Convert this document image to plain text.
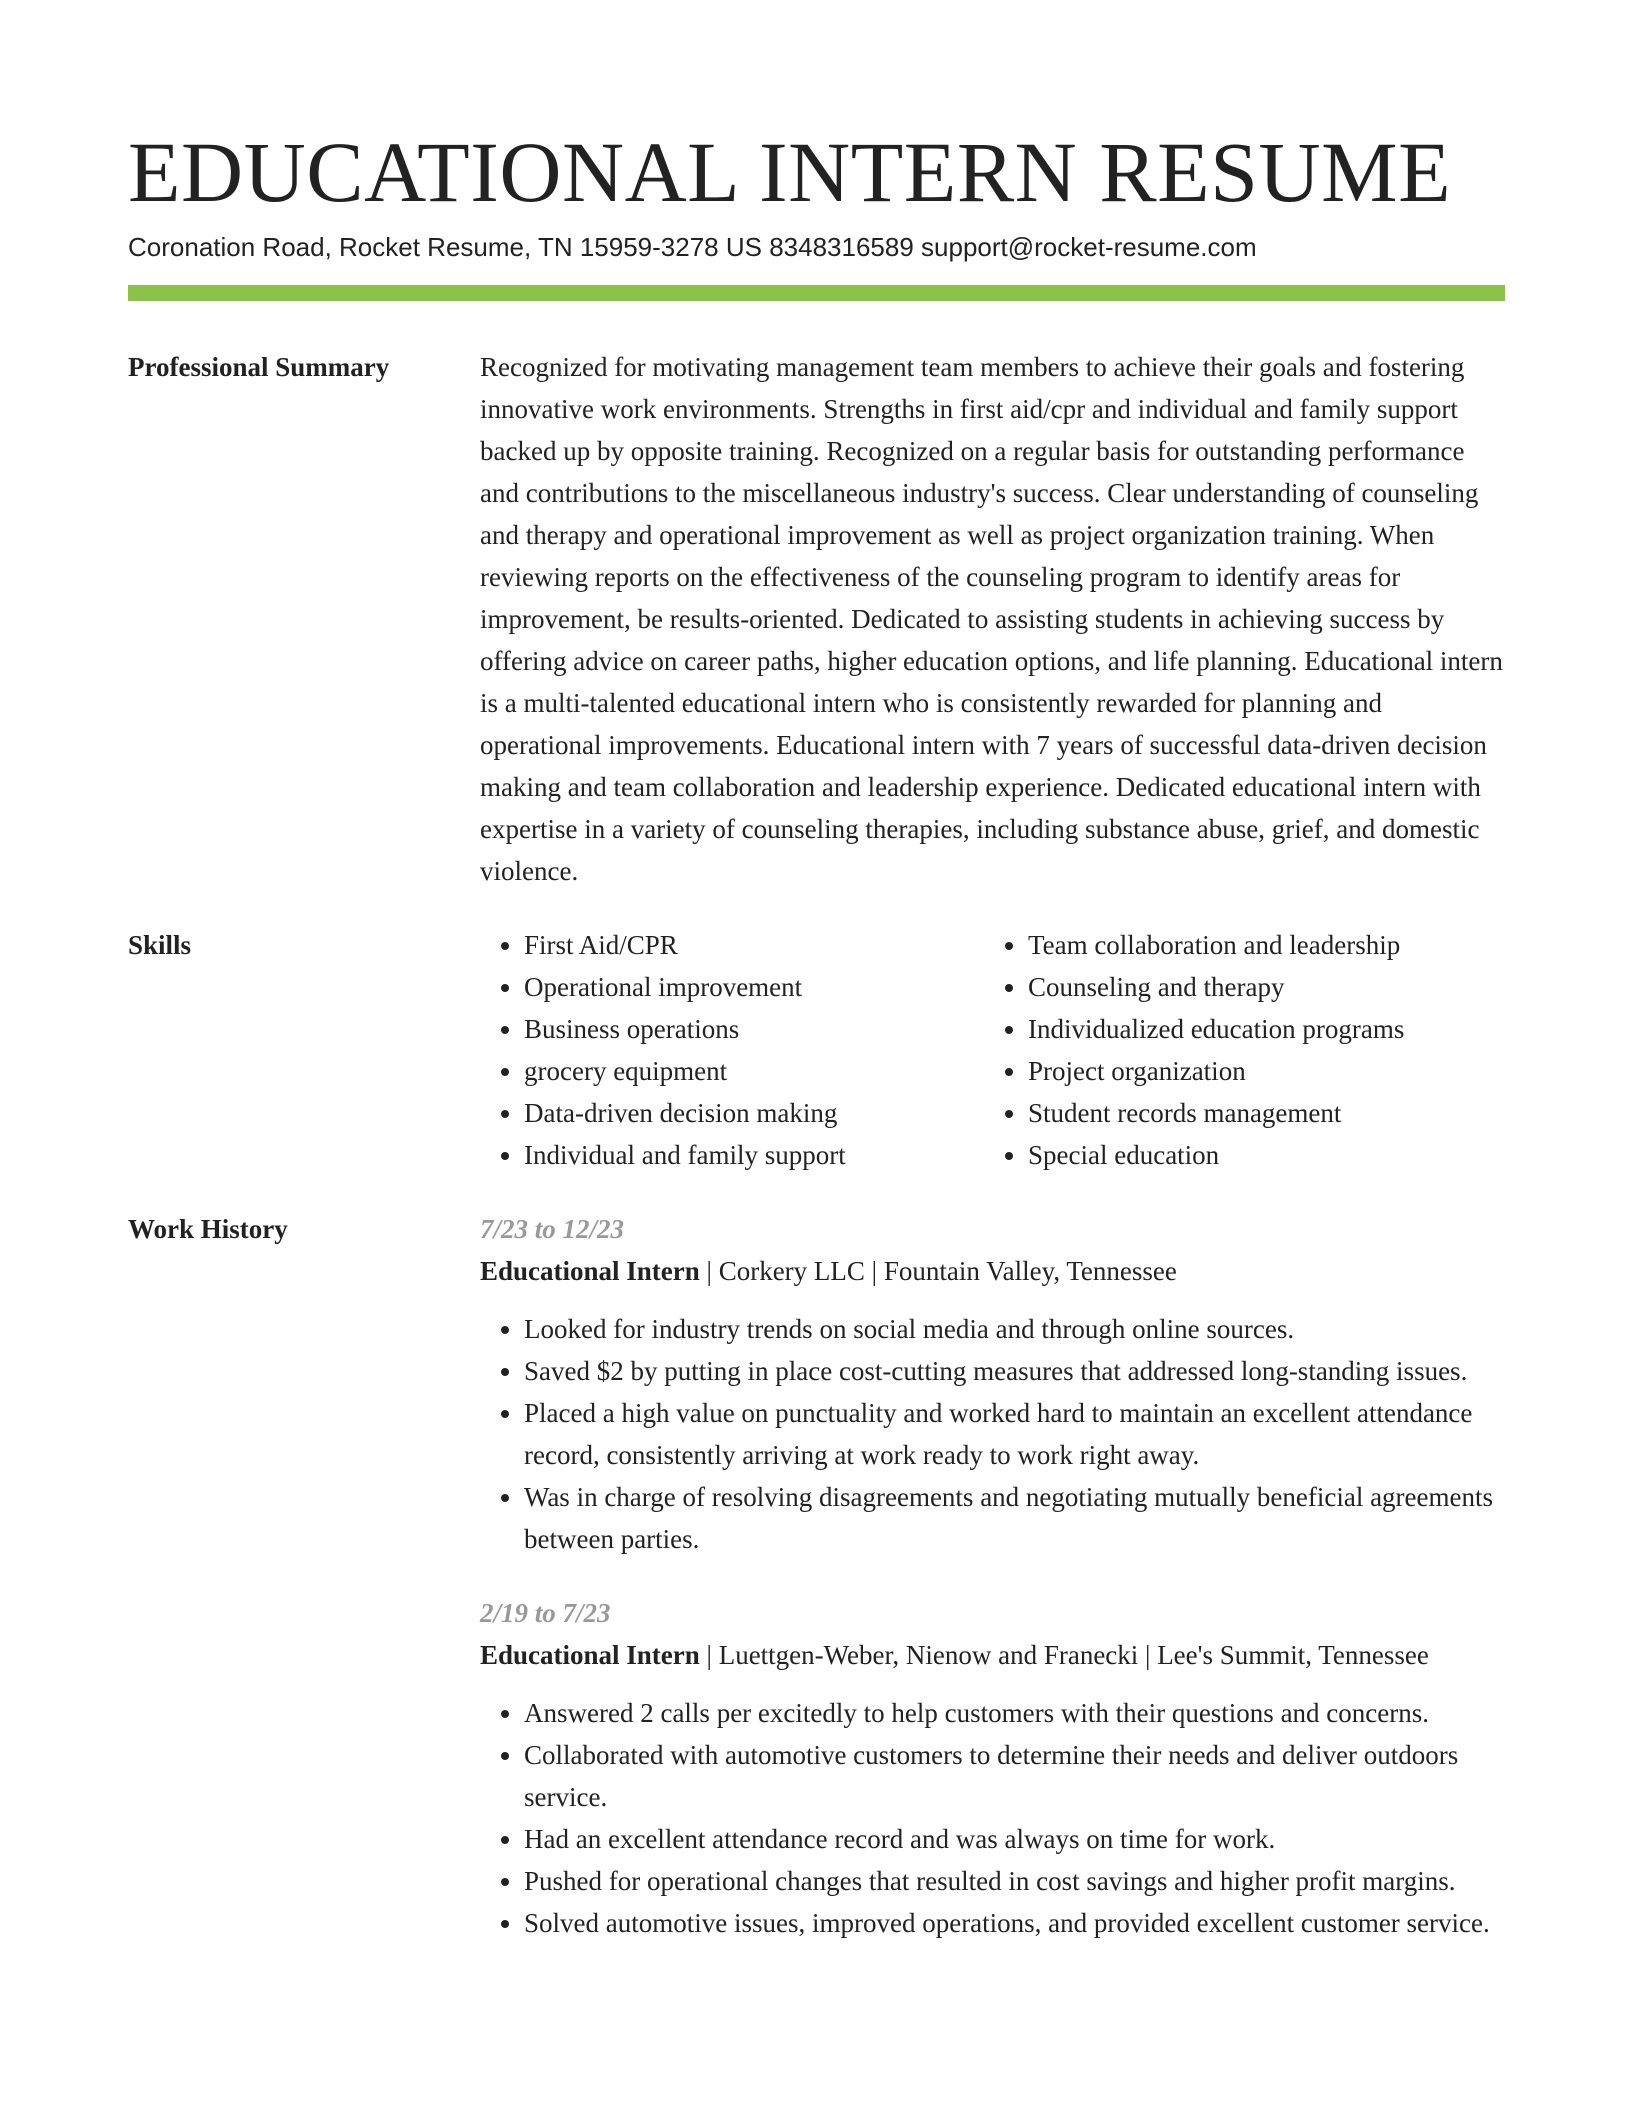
EDUCATIONAL INTERN RESUME
Coronation Road, Rocket Resume, TN 15959-3278 US 8348316589 support@rocket-resume.com
Professional Summary	Recognized for motivating management team members to achieve their goals and fostering innovative work environments. Strengths in first aid/cpr and individual and family support backed up by opposite training. Recognized on a regular basis for outstanding performance and contributions to the miscellaneous industry's success. Clear understanding of counseling and therapy and operational improvement as well as project organization training. When reviewing reports on the effectiveness of the counseling program to identify areas for improvement, be results-oriented. Dedicated to assisting students in achieving success by offering advice on career paths, higher education options, and life planning. Educational intern is a multi-talented educational intern who is consistently rewarded for planning and operational improvements. Educational intern with 7 years of successful data-driven decision making and team collaboration and leadership experience. Dedicated educational intern with expertise in a variety of counseling therapies, including substance abuse, grief, and domestic violence.

Skills
•	First Aid/CPR
• Operational improvement
• Business operations
• grocery equipment
• Data-driven decision making
• Individual and family support
• Team collaboration and leadership
• Counseling and therapy
• Individualized education programs
• Project organization
• Student records management
• Special education
Work History	7/23 to 12/23
Educational Intern | Corkery LLC | Fountain Valley, Tennessee
• Looked for industry trends on social media and through online sources.
• Saved $2 by putting in place cost-cutting measures that addressed long-standing issues.
• Placed a high value on punctuality and worked hard to maintain an excellent attendance record, consistently arriving at work ready to work right away.
• Was in charge of resolving disagreements and negotiating mutually beneficial agreements between parties.
2/19 to 7/23
Educational Intern | Luettgen-Weber, Nienow and Franecki | Lee's Summit, Tennessee
• Answered 2 calls per excitedly to help customers with their questions and concerns.
• Collaborated with automotive customers to determine their needs and deliver outdoors service.
• Had an excellent attendance record and was always on time for work.
• Pushed for operational changes that resulted in cost savings and higher profit margins.
• Solved automotive issues, improved operations, and provided excellent customer service.
